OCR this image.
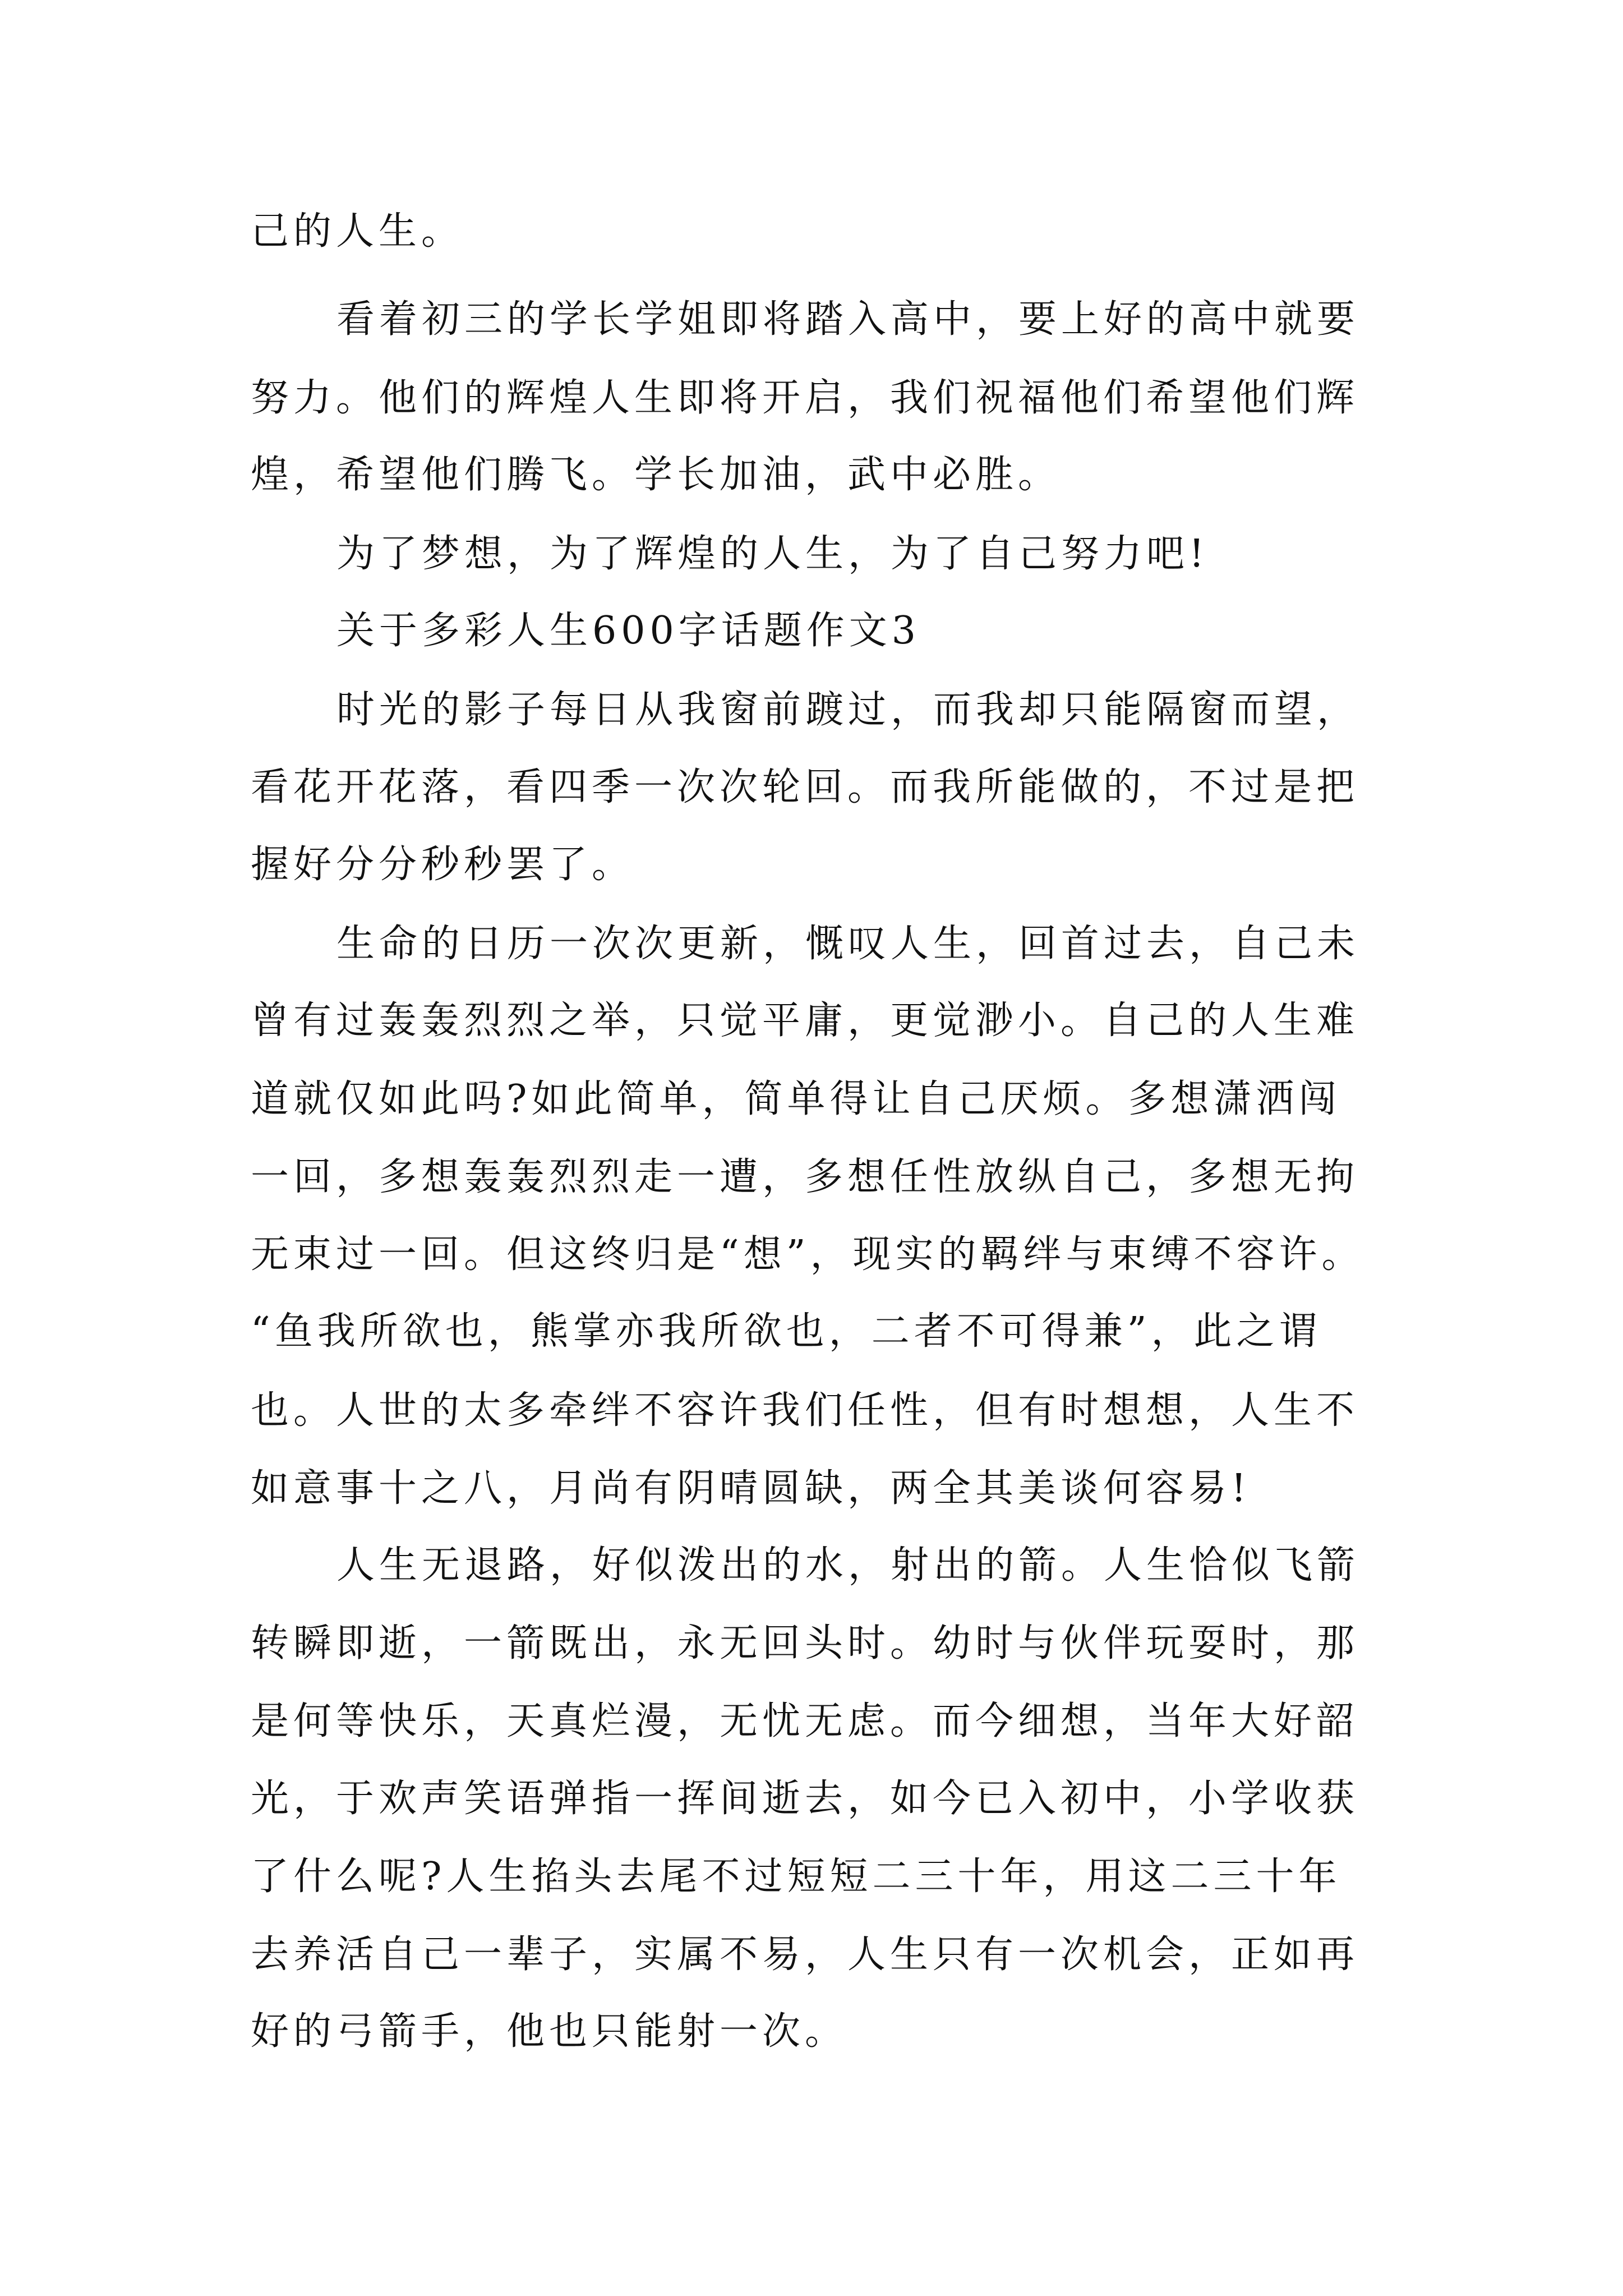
己的人生。

看着初三的学长学姐即将踏入高中，要上好的高中就要

努力。他们的辉煌人生即将开启，我们祝福他们希望他们辉

煌，希望他们腾飞。学长加油，武中必胜。

为了梦想，为了辉煌的人生，为了自己努力吧!

关于多彩人生600字话题作文3

时光的影子每日从我窗前踱过，而我却只能隔窗而望，

看花开花落，看四季一次次轮回。而我所能做的，不过是把

握好分分秒秒罢了。

生命的日历一次次更新，慨叹人生，回首过去，自己未

曾有过轰轰烈烈之举，只觉平庸，更觉渺小。自己的人生难

道就仅如此吗?如此简单，简单得让自己厌烦。多想潇洒闯

一回，多想轰轰烈烈走一遭，多想任性放纵自己，多想无拘

无束过一回。但这终归是“想”，现实的羁绊与束缚不容许。

“鱼我所欲也，熊掌亦我所欲也，二者不可得兼”，此之谓

也。人世的太多牵绊不容许我们任性，但有时想想，人生不

如意事十之八，月尚有阴晴圆缺，两全其美谈何容易!

人生无退路，好似泼出的水，射出的箭。人生恰似飞箭

转瞬即逝，一箭既出，永无回头时。幼时与伙伴玩耍时，那

是何等快乐，天真烂漫，无忧无虑。而今细想，当年大好韶

光，于欢声笑语弹指一挥间逝去，如今已入初中，小学收获

了什么呢?人生掐头去尾不过短短二三十年，用这二三十年

去养活自己一辈子，实属不易，人生只有一次机会，正如再

好的弓箭手，他也只能射一次。
